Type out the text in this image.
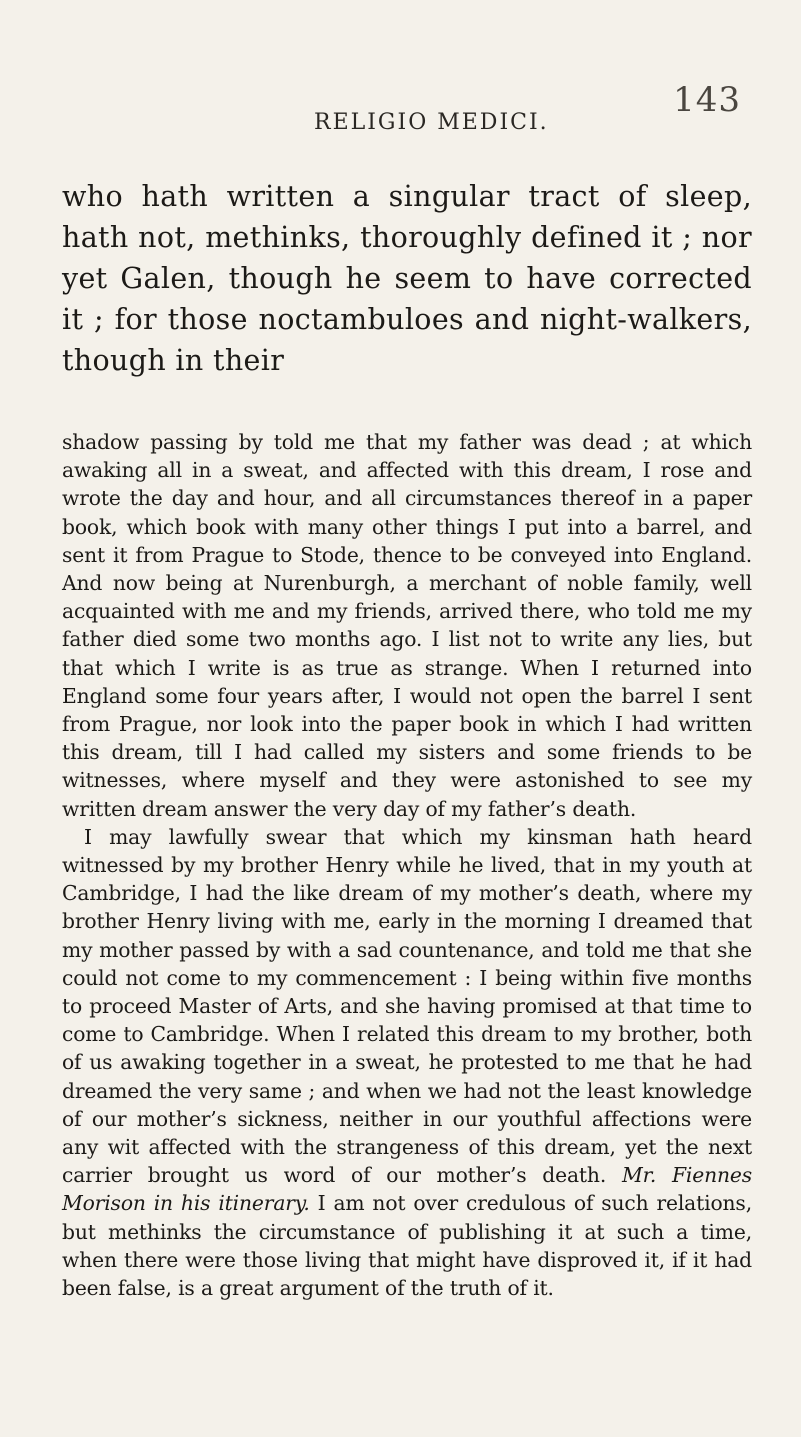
RELIGIO MEDICI.
143

who hath written a singular tract of sleep, hath not, methinks, thoroughly defined it ; nor yet Galen, though he seem to have corrected it ; for those noctambuloes and night-walkers, though in their

shadow passing by told me that my father was dead ; at which awaking all in a sweat, and affected with this dream, I rose and wrote the day and hour, and all circumstances thereof in a paper book, which book with many other things I put into a barrel, and sent it from Prague to Stode, thence to be conveyed into England. And now being at Nurenburgh, a merchant of noble family, well acquainted with me and my friends, arrived there, who told me my father died some two months ago. I list not to write any lies, but that which I write is as true as strange. When I returned into England some four years after, I would not open the barrel I sent from Prague, nor look into the paper book in which I had written this dream, till I had called my sisters and some friends to be witnesses, where myself and they were astonished to see my written dream answer the very day of my father’s death.
I may lawfully swear that which my kinsman hath heard witnessed by my brother Henry while he lived, that in my youth at Cambridge, I had the like dream of my mother’s death, where my brother Henry living with me, early in the morning I dreamed that my mother passed by with a sad countenance, and told me that she could not come to my commencement : I being within five months to proceed Master of Arts, and she having promised at that time to come to Cambridge. When I related this dream to my brother, both of us awaking together in a sweat, he protested to me that he had dreamed the very same ; and when we had not the least knowledge of our mother’s sickness, neither in our youthful affections were any wit affected with the strangeness of this dream, yet the next carrier brought us word of our mother’s death. Mr. Fiennes Morison in his itinerary. I am not over credulous of such relations, but methinks the circumstance of publishing it at such a time, when there were those living that might have disproved it, if it had been false, is a great argument of the truth of it.
